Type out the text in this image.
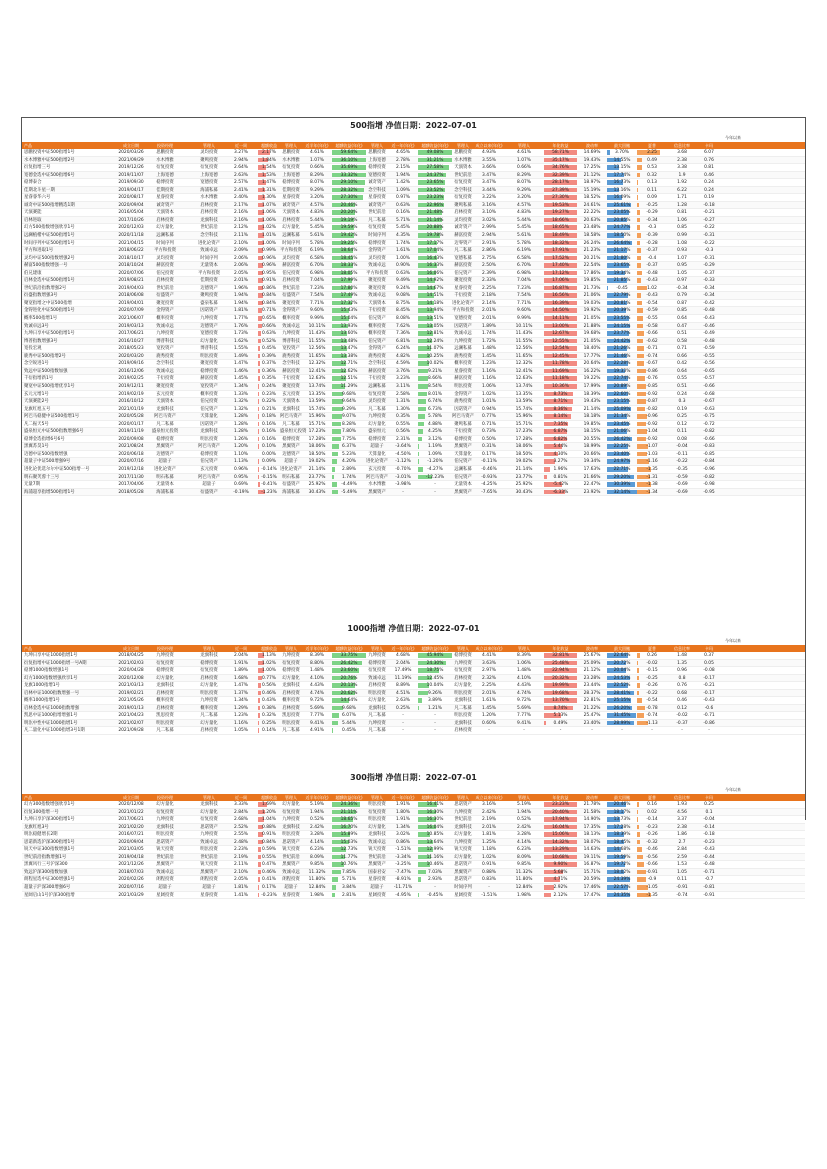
500指增 净值日期：2022-07-01
今年以来
产品	成立日期	投资经理	管理人	近一周	超额收益	管理人	近半年(年化)	超额收益(年化)	管理人	近一年(年化)	超额收益(年化)	管理人	成立以来(年化)	管理人	年化收益	波动率	最大回撤	夏普	信息比率	卡玛
思鹏投资中证500指增1号	2020/03/26	思鹏投资	灵均投资	3.27%	2.17%	思鹏投资	4.61%	59.64%	思鹏投资	4.65%	49.08%	思鹏投资	4.93%	4.61%	58.71%	14.69%	3.70%	2.25	3.68	6.07
水木博雅中证500指增2号	2021/09/29	水木博雅	聚鸣投资	2.94%	1.84%	水木博雅	1.07%	36.10%	上海宽德	2.78%	31.21%	水木博雅	3.55%	1.07%	35.17%	19.43%	14.55%	0.49	2.38	0.76
衍复指增三号	2019/12/26	衍复投资	衍复投资	2.64%	1.54%	衍复投资	0.66%	35.69%	稳博投资	2.15%	27.58%	天演资本	3.66%	0.66%	34.76%	17.25%	13.15%	0.53	3.38	0.81
宽德金选中证500指增6号	2019/11/07	上海宽德	上海宽德	2.63%	1.53%	上海宽德	8.29%	33.32%	宽德投资	1.94%	24.37%	世纪前沿	3.47%	8.29%	32.39%	21.12%	17.74%	0.32	1.9	0.46
稳博泰合	2019/09/30	稳博投资	宽德投资	2.57%	1.47%	稳博投资	8.07%	29.10%	诚奇资产	1.42%	23.65%	衍复投资	3.47%	8.07%	28.17%	18.97%	16.73%	0.13	1.92	0.24
佳期北斗星一期	2019/04/17	佳期投资	海浦私募	2.41%	1.31%	佳期投资	9.29%	28.32%	念空科技	1.09%	23.52%	念空科技	3.44%	9.29%	27.39%	15.19%	13.16%	0.11	6.22	0.24
星睿睿华六号	2020/08/17	星睿投资	水木博雅	2.40%	1.30%	星睿投资	3.20%	27.30%	星睿投资	0.97%	23.23%	衍复投资	3.22%	3.20%	27.30%	18.52%	16.09%	0.09	1.71	0.19
诚奇中证500指增精选1期	2020/09/04	诚奇资产	启林投资	2.17%	1.07%	诚奇资产	4.57%	20.46%	诚奇资产	0.63%	22.96%	聚鸣私募	3.16%	4.57%	19.53%	24.61%	25.61%	-0.25	1.28	-0.18
天演赛能	2016/05/04	天演资本	启林投资	2.16%	1.06%	天演资本	4.83%	20.20%	世纪前沿	0.16%	21.48%	启林投资	3.10%	4.83%	19.27%	22.22%	23.05%	-0.29	0.81	-0.21
启林进取	2017/10/26	启林投资	龙旗科技	2.16%	1.06%	启林投资	5.44%	19.19%	凡二私募	5.71%	21.14%	灵均投资	3.02%	5.44%	18.66%	20.63%	20.85%	-0.34	1.06	-0.27
幻方500指数增强欣享1号	2020/12/03	幻方量化	世纪前沿	2.12%	1.02%	幻方量化	5.45%	19.59%	衍复投资	5.45%	20.88%	诚奇资产	2.99%	5.45%	18.65%	23.48%	24.77%	-0.3	0.85	-0.22
远澜植楷中证500指增1号	2020/11/18	远澜私募	念空科技	2.11%	1.01%	远澜私募	5.61%	19.42%	时间序列	4.35%	19.78%	赫富投资	2.94%	5.61%	18.49%	18.58%	18.50%	-0.39	0.99	-0.31
时间序列中证500指增1号	2021/04/15	时间序列	进化论资产	2.10%	1.00%	时间序列	5.78%	19.25%	稳博投资	1.74%	17.17%	迈零资产	2.91%	5.78%	18.32%	26.24%	26.64%	-0.28	1.08	-0.22
平方和进取1号	2018/06/22	平方和投资	致诚卓远	2.09%	0.99% 平方和投资	6.19%	18.64%	金锝资产	1.61%	17.04%	凡二私募	2.86%	6.19%	17.91%	21.23%	21.17%	-0.37	0.93	-0.3
灵均中证500指数增强2号	2018/10/17	灵均投资	时间序列	2.06%	0.96%	灵均投资	6.58%	18.45%	灵均投资	1.00%	16.43%	宽德私募	2.75%	6.58%	17.52%	20.21%	21.80%	-0.4	1.07	-0.31
赫富500指数增强一号	2018/10/24	赫富投资	无量资本	2.06%	0.96%	赫富投资	6.70%	18.33%	致诚卓远	0.90%	16.33%	赫富投资	2.50%	6.70%	17.40%	22.54%	23.65%	-0.37	0.95	-0.29
伯兄建康	2020/07/06	伯兄投资	平方和投资	2.05%	0.95%	伯兄投资	6.98%	18.05%	平方和投资	0.63%	16.06%	伯兄资产	2.39%	6.98%	17.12%	17.86%	19.34%	-0.48	1.05	-0.37
启林金选中证500指增1号	2019/08/21	启林投资	佳期投资	2.01%	0.91%	启林投资	7.04%	17.99%	聚宽投资	9.49%	14.92%	聚宽投资	2.33%	7.04%	17.06%	19.85%	21.85%	-0.43	0.97	-0.33
世纪前沿指数增强2号	2019/04/03	世纪前沿	迈德资产	1.96%	0.86%	世纪前沿	7.23%	17.80%	聚宽投资	9.24%	14.67%	星睿投资	2.25%	7.23%	16.87%	21.73%	-0.45	1.02	-0.34	-0.34
衍盛指数增强3号	2018/06/08	衍盛资产	聚鸣投资	1.94%	0.84%	衍盛资产	7.54%	17.49%	致诚卓远	9.08%	14.51%	千衍投资	2.18%	7.54%	16.56%	21.06%	22.79%	-0.43	0.79	-0.34
聚宽指增之中证500指增	2019/04/01	聚宽投资	盛泉私募	1.94%	0.84%	聚宽投资	7.71%	17.32%	天演资本	8.75%	14.18%	进化论资产	2.14%	7.71%	16.39%	19.03%	20.81%	-0.54	0.87	-0.42
金锝进化中证500指增1号	2020/07/09	金锝资产	因诺资产	1.81%	0.71%	金锝资产	9.60%	15.43%	千衍投资	8.45%	13.94%	平方和投资	2.01%	9.60%	14.50%	19.92%	20.39%	-0.59	0.85	-0.48
概率500指增1号	2021/06/07	概率投资	九坤投资	1.77%	0.65%	概率投资	9.99%	15.04%	伯兄资产	8.08%	13.51%	宽德投资	2.01%	9.99%	14.11%	21.05%	23.55%	-0.55	0.64	-0.43
致诚卓远3号	2019/03/13	致诚卓远	迈德资产	1.76%	0.66%	致诚卓远	10.11%	13.93%	概率投资	7.62%	13.05%	因诺资产	1.89%	10.11%	13.00%	21.88%	24.15%	-0.58	0.47	-0.46
九坤日享中证500指增1号	2017/06/21	九坤投资	宽德投资	1.73%	0.63%	九坤投资	11.43%	13.60%	概率投资	7.36%	12.81%	致诚卓远	1.74%	11.43%	12.67%	19.68%	23.77%	-0.66	0.51	-0.49
博普指数增强3号	2016/10/27	博普科技	幻方量化	1.62%	0.52%	博普科技	11.55%	13.48%	伯兄资产	6.81%	12.24%	九坤投资	1.72%	11.55%	12.55%	21.05%	24.42%	-0.62	0.58	-0.48
宽投宏观	2018/05/23	宽投资产	博普科技	1.55%	0.45%	宽投资产	12.56%	13.47%	金锝资产	6.24%	11.07%	远澜私募	1.48%	12.56%	12.54%	18.40%	21.26%	-0.71	0.71	-0.59
鹿秀中证500指增2号	2020/03/20	鹿秀投资	明汯投资	1.49%	0.39%	鹿秀投资	11.65%	13.38%	鹿秀投资	4.82%	10.25%	鹿秀投资	1.45%	11.65%	12.45%	17.77%	21.46%	-0.74	0.66	-0.55
念空锐进1号	2019/09/16	念空科技	聚宽投资	1.47%	0.37%	念空科技	12.32%	12.71%	念空科技	4.59%	10.02%	概率投资	1.23%	12.32%	11.78%	20.64%	22.28%	-0.67	0.42	-0.56
致远中证500指数加强	2016/12/06	致诚卓远	稳博投资	1.46%	0.36%	赫富投资	12.41%	12.62%	赫富投资	3.76%	9.21%	星睿投资	1.16%	12.41%	11.69%	16.22%	19.33%	-0.86	0.64	-0.65
千衍指增新1号	2019/02/25	千衍投资	赫富投资	1.45%	0.35%	千衍投资	12.63%	12.51%	千衍投资	3.23%	8.66%	赫富投资	1.16%	12.63%	11.18%	19.22%	22.74%	-0.76	0.55	-0.57
聚宽中证500指增优享1号	2019/12/11	聚宽投资	宽投资产	1.34%	0.24%	聚宽投资	13.74%	11.29%	远澜私募	3.11%	8.54%	明汯投资	1.06%	13.74%	10.36%	17.99%	20.89%	-0.85	0.51	-0.66
玄元元增1号	2019/02/19	玄元投资	概率投资	1.33%	0.23%	玄元投资	13.35%	9.68%	衍复投资	2.58%	8.01%	金锝资产	1.02%	13.35%	8.73%	18.39%	22.60%	-0.92	0.24	-0.68
天演赛能2号	2016/10/12	天演资本	伯兄投资	1.32%	0.22%	天演资本	13.59%	9.64%	灵均投资	1.31%	6.74%	鹿秀投资	1.01%	13.59%	8.71%	19.43%	23.15%	-0.87	0.3	-0.67
龙旗红旭五号	2021/01/19	龙旗科技	伯兄资产	1.32%	0.21%	龙旗科技	15.74%	9.29%	凡二私募	1.30%	6.73%	因诺资产	0.94%	15.74%	8.36%	21.14%	25.09%	-0.82	0.19	-0.63
阿巴马稳健中证500指增1号	2020/05/28	阿巴马资产	天算量化	1.28%	0.18% 阿巴马资产	15.96%	9.07%	九坤投资	0.35%	5.78%	阿巴马资产	0.77%	15.96%	8.14%	18.18%	21.34%	-0.96	0.25	-0.75
凡二振天5号	2020/01/17	凡二私募	因诺资产	1.28%	0.16%	凡二私募	15.71%	8.28%	幻方量化	0.55%	4.88%	聚鸣私募	0.71%	15.71%	7.35%	19.85%	23.45%	-0.92	0.12	-0.72
盛泉恒元中证500指数增强6号	2019/11/19	盛泉恒元投资	龙旗科技	1.28%	0.16% 盛泉恒元投资 17.23%	7.80%	盛泉恒元	0.56%	4.25%	千衍投资	0.73%	17.23%	6.87%	18.15%	21.06%	-1.04	0.11	-0.82
稳博金选指增6号6号	2020/09/08	稳博投资	明汯投资	1.26%	0.16%	稳博投资	17.28%	7.75%	稳博投资	2.31%	3.12%	稳博投资	0.50%	17.28%	6.82%	20.55%	26.42%	-0.92	0.08	-0.66
黑翼苏昊1号	2021/08/24	黑翼资产	阿巴马资产	1.20%	0.10%	黑翼资产	18.06%	6.37%	超量子	-3.64%	1.19%	黑翼资产	0.31%	18.06%	5.44%	18.99%	22.25%	-1.07	-0.04	-0.83
迈德中证500指数增强	2020/06/18	迈德资产	稳博投资	1.10%	0.00%	迈德资产	18.50%	5.23%	天算量化	-4.50%	1.09%	天算量化	0.17%	18.50%	4.30%	20.66%	23.40%	-1.03	-0.11	-0.85
超量子中证500增强9号	2020/07/16	超量子	伯兄资产	1.13%	0.09%	超量子	19.02%	4.20%	进化论资产	-1.12%	-1.20%	伯兄资产	-0.11%	19.02%	3.27%	19.34%	24.97%	-1.16	-0.22	-0.84
进化论优选尔尔中证500指增一号	2019/12/18	进化论资产	玄元投资	0.96%	-0.14% 进化论资产	21.14%	2.89%	玄元投资	-0.70%	-4.27%	远澜私募	-0.46%	21.14%	1.96%	17.63%	22.71%	-1.35	-0.35	-0.96
明石聚芙蓉十三号	2017/11/30	明石私募	阿巴马资产	0.95%	-0.15%	明石私募	23.77%	1.74%	阿巴马资产	-3.01%	-12.23%	伯兄资产	-0.93%	23.77%	0.81%	21.66%	29.20%	-1.31	-0.59	-0.82
无量7期	2017/04/06	无量资本	超量子	0.69%	-0.41%	衍盛资产	25.92%	-4.49%	水木博雅	-3.98%	-	无量资本	-4.25%	25.92%	-5.42%	22.47%	30.39%	-1.38	-0.69	-0.98
海浦超享指增500指增1号	2018/05/28	海浦私募	衍盛资产	-0.19%	-1.23%	海浦私募	30.43%	-5.49%	黑翼资产	-	-	黑翼资产	-7.65%	30.43%	-6.33%	23.92%	32.14%	-1.34	-0.69	-0.95
1000指增 净值日期：2022-07-01
今年以来
产品	成立日期	投资经理	管理人	近一周	超额收益	管理人	近半年(年化)	超额收益(年化)	管理人	近一年(年化)	超额收益(年化)	管理人	成立以来(年化)	管理人	年化收益	波动率	最大回撤	夏普	信息比率	卡玛
九坤日享中证1000指增1号	2018/04/25	九坤投资	龙旗科技	2.04%	1.13%	九坤投资	8.39%	33.75%	九坤投资	4.68%	45.94%	稳博投资	4.41%	8.39%	32.81%	25.67%	22.64%	0.26	1.48	0.37
衍复指增中证1000指增一号A期	2021/02/03	衍复投资	稳博投资	1.91%	1.02%	衍复投资	8.80%	26.42%	稳博投资	2.04%	24.30%	九坤投资	3.63%	1.06%	25.48%	25.09%	20.72%	-0.02	1.35	0.05
稳博1000指数增强1号	2020/04/28	稳博投资	衍复投资	1.89%	1.00%	稳博投资	1.48%	23.60%	衍复投资	17.49%	18.75%	衍复投资	2.97%	1.48%	22.94%	21.12%	20.04%	-0.15	0.96	-0.08
幻方1000指数增强欣享1号	2020/12/08	幻方量化	启林投资	1.68%	0.77%	幻方量化	4.10%	20.76%	致诚卓远	11.19%	12.45%	启林投资	2.32%	4.10%	20.32%	23.28%	24.53%	-0.25	0.8	-0.17
龙旗1000指增1号	2021/03/13	龙旗科技	幻方量化	1.47%	0.56%	龙旗科技	4.43%	20.13%	启林投资	8.89%	10.04%	幻方量化	2.25%	4.43%	19.99%	23.44%	22.52%	-0.26	0.76	-0.21
启林中证1000指数增强一号	2019/02/21	启林投资	明汯投资	1.37%	0.46%	启林投资	4.74%	20.62%	明汯投资	4.51%	9.26%	明汯投资	2.01%	4.74%	19.68%	28.37%	28.41%	-0.22	0.68	-0.17
概率1000指增1号	2021/05/26	概率投资	九坤投资	1.34%	0.43%	概率投资	9.72%	14.64%	幻方量化	2.63%	3.89%	龙旗科技	1.61%	9.72%	13.70%	22.81%	25.15%	-0.54	0.46	-0.43
启林金选中证1000指数增强	2019/01/13	启林投资	概率投资	1.29%	0.38%	启林投资	5.69%	9.68%	龙旗科技	0.25%	1.21%	凡二私募	1.45%	5.69%	8.74%	21.22%	26.20%	-0.78	0.12	-0.6
凯思中证1000指增增强1号	2021/04/23	凯思投资	凡二私募	1.23%	0.32%	凯思投资	7.77%	6.07%	凡二私募	-	-	明汯投资	1.20%	7.77%	5.13%	25.47%	31.45%	-0.74	-0.02	-0.71
明汯中性中证1000指增1号	2021/02/07	明汯投资	幻方量化	1.16%	0.25%	明汯投资	9.41%	5.44%	九坤投资	-	-	龙旗科技	0.60%	9.41%	0.49%	23.40%	28.99%	-1.13	-0.37	-0.86
凡二量化中证1000指增3号1期	2021/09/28	凡二私募	启林投资	1.05%	0.14%	凡二私募	4.91%	0.45%	凡二私募	-	-	启林投资	-	-	-	-	-	-	-	-
300指增 净值日期：2022-07-01
今年以来
产品	成立日期	投资经理	管理人	近一周	超额收益	管理人	近半年(年化)	超额收益(年化)	管理人	近一年(年化)	超额收益(年化)	管理人	成立以来(年化)	管理人	年化收益	波动率	最大回撤	夏普	信息比率	卡玛
幻方300指数增强欣享1号	2020/12/08	幻方量化	龙旗科技	3.33%	1.69%	幻方量化	5.19%	24.36%	明汯投资	1.91%	16.41%	思诺资产	3.16%	5.19%	23.23%	21.78%	20.46%	0.16	1.93	0.25
衍复300指增一号	2021/01/22	衍复投资	幻方量化	2.84%	1.20%	衍复投资	1.94%	21.11%	衍复投资	1.80%	16.30%	九坤投资	2.42%	1.94%	20.40%	21.58%	18.17%	0.02	4.56	0.1
九坤日享沪深300指增1号	2017/06/21	九坤投资	衍复投资	2.68%	1.04%	九坤投资	0.52%	18.65%	明汯投资	1.91%	16.30%	世纪前沿	2.19%	0.52%	17.94%	14.90%	13.73%	-0.14	3.37	-0.04
龙旗红旭3号	2021/02/20	龙旗科技	思诺资产	2.52%	0.88%	龙旗科技	2.42%	16.70%	幻方量化	1.34%	16.04%	龙旗科技	2.01%	2.42%	16.04%	17.35%	17.28%	-0.23	2.38	-0.14
明汯稳健增长2期	2016/07/21	明汯投资	九坤投资	2.55%	0.91%	明汯投资	3.28%	15.89%	龙旗科技	3.02%	10.85%	幻方量化	1.81%	3.28%	15.06%	18.13%	18.39%	-0.26	1.86	-0.18
思诺新选沪深300指增1号	2020/09/04	思诺资产	致诚卓远	2.48%	0.84%	思诺资产	4.14%	15.03%	致诚卓远	0.86%	13.64%	九坤投资	1.25%	4.14%	14.32%	18.07%	18.45%	-0.32	2.7	-0.23
锐天中证300指数增强1号	2021/03/05	锐天投资	明汯投资	2.23%	0.59%	锐天投资	6.23%	12.73%	锐天投资	-1.51%	12.99%	锐天投资	1.18%	6.23%	13.29%	14.63%	14.68%	-0.46	2.84	-0.43
世纪前沿指数增强1号	2019/04/18	世纪前沿	世纪前沿	2.19%	0.55%	世纪前沿	8.09%	11.77%	世纪前沿	-3.34%	11.16%	幻方量化	1.02%	8.09%	10.68%	19.11%	19.59%	-0.56	2.59	-0.44
黑翼风行三号沪深300	2021/12/26	黑翼资产	锐天投资	2.11%	0.47%	黑翼资产	9.85%	10.76%	黑翼资产	-3.25%	10.46%	思诺资产	0.91%	9.85%	9.90%	16.87%	19.72%	-0.66	1.53	-0.48
致远沪深300指数加强	2018/07/03	致诚卓远	黑翼资产	2.10%	0.46%	致诚卓远	11.32%	7.85%	国泰君安	-7.47%	7.03%	黑翼资产	0.88%	11.32%	5.68%	15.71%	18.02%	-0.91	1.05	-0.71
朗程星选中证300增强1号	2020/02/26	朗程投资	朗程投资	2.05%	0.41%	朗程投资	11.80%	5.71%	星睿投资	-8.91%	2.93%	思诺资产	0.83%	11.80%	4.71%	20.59%	24.39%	-0.9	0.11	-0.7
超量子沪深300增强6号	2020/07/16	超量子	超量子	1.81%	0.17%	超量子	12.84%	3.84%	超量子	-11.71%	-	时间序列	-	12.84%	2.92%	17.46%	22.57%	-1.05	-0.91	-0.81
星阔启山1号沪深300指增	2021/03/29	星阔投资	星睿投资	1.41%	-0.23%	星睿投资	1.98%	2.81%	星阔投资	-4.95%	-0.45%	星阔投资	-1.51%	1.98%	2.12%	17.47%	24.35%	-1.35	-0.74	-0.91
